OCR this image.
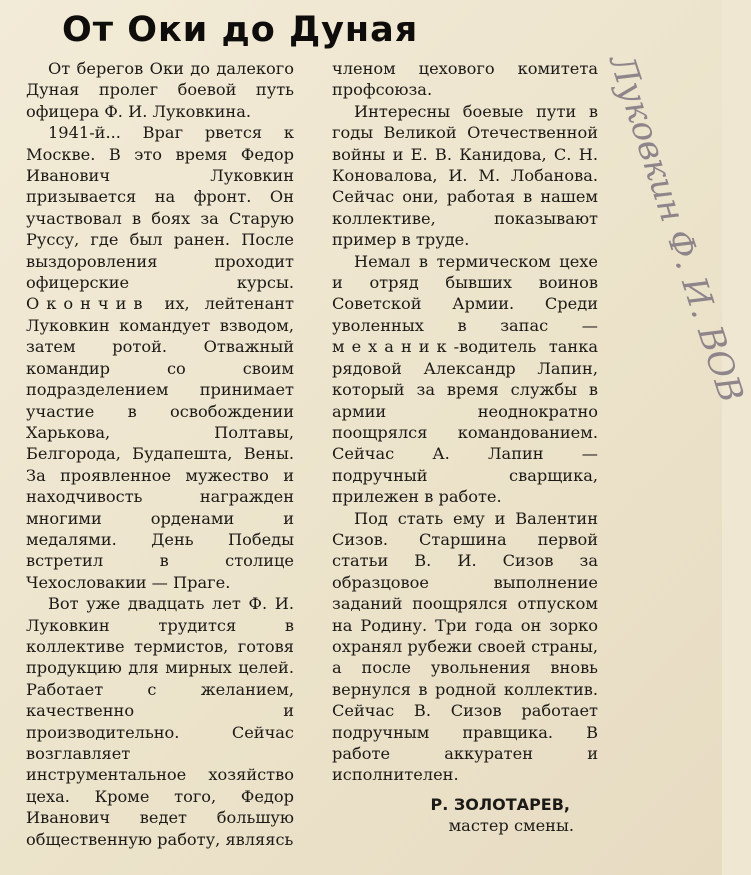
От Оки до Дуная

От берегов Оки до далекого Дуная пролег боевой путь офицера Ф. И. Луковкина.

1941-й... Враг рвется к Москве. В это время Федор Иванович Луковкин призывается на фронт. Он участвовал в боях за Старую Руссу, где был ранен. После выздоровления проходит офицерские курсы. Окончив их, лейтенант Луковкин командует взводом, затем ротой. Отважный командир со своим подразделением принимает участие в освобождении Харькова, Полтавы, Белгорода, Будапешта, Вены. За проявленное мужество и находчивость награжден многими орденами и медалями. День Победы встретил в столице Чехословакии — Праге.

Вот уже двадцать лет Ф. И. Луковкин трудится в коллективе термистов, готовя продукцию для мирных целей. Работает с желанием, качественно и производительно. Сейчас возглавляет инструментальное хозяйство цеха. Кроме того, Федор Иванович ведет большую общественную работу, являясь

членом цехового комитета профсоюза.

Интересны боевые пути в годы Великой Отечественной войны и Е. В. Канидова, С. Н. Коновалова, И. М. Лобанова. Сейчас они, работая в нашем коллективе, показывают пример в труде.

Немал в термическом цехе и отряд бывших воинов Советской Армии. Среди уволенных в запас — механик-водитель танка рядовой Александр Лапин, который за время службы в армии неоднократно поощрялся командованием. Сейчас А. Лапин — подручный сварщика, прилежен в работе.

Под стать ему и Валентин Сизов. Старшина первой статьи В. И. Сизов за образцовое выполнение заданий поощрялся отпуском на Родину. Три года он зорко охранял рубежи своей страны, а после увольнения вновь вернулся в родной коллектив. Сейчас В. Сизов работает подручным правщика. В работе аккуратен и исполнителен.

Р. ЗОЛОТАРЕВ,

мастер смены.

Луковкин Ф. И. ВОВ
